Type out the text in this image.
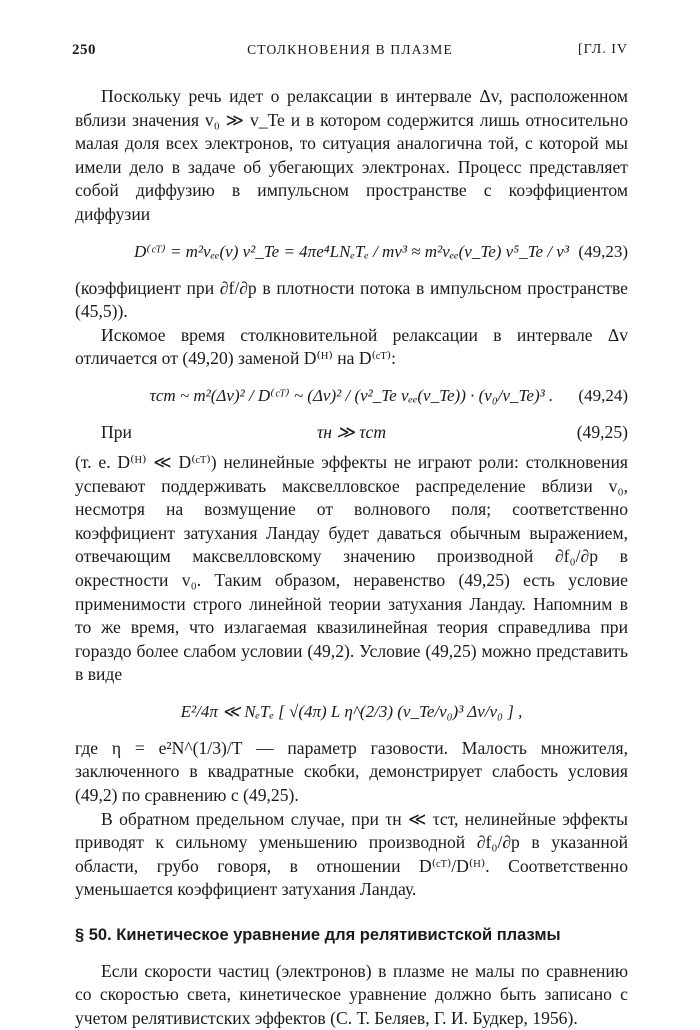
250	СТОЛКНОВЕНИЯ В ПЛАЗМЕ	[ГЛ. IV

Поскольку речь идет о релаксации в интервале Δv, расположенном вблизи значения v₀ ≫ v_Te и в котором содержится лишь относительно малая доля всех электронов, то ситуация аналогична той, с которой мы имели дело в задаче об убегающих электронах. Процесс представляет собой диффузию в импульсном пространстве с коэффициентом диффузии

D⁽ᶜᵀ⁾ = m²νₑₑ(v) v²_Te = 4πe⁴LNₑTₑ / mv³ ≈ m²νₑₑ(v_Te) v⁵_Te / v³ (49,23)

(коэффициент при ∂f/∂p в плотности потока в импульсном пространстве (45,5)).

Искомое время столкновительной релаксации в интервале Δv отличается от (49,20) заменой D⁽ᴴ⁾ на D⁽ᶜᵀ⁾:

τст ~ m²(Δv)² / D⁽ᶜᵀ⁾ ~ (Δv)² / (v²_Te νₑₑ(v_Te)) · (v₀/v_Te)³ .	(49,24)
При	τн ≫ τст	(49,25)

(т. е. D⁽ᴴ⁾ ≪ D⁽ᶜᵀ⁾) нелинейные эффекты не играют роли: столкновения успевают поддерживать максвелловское распределение вблизи v₀, несмотря на возмущение от волнового поля; соответственно коэффициент затухания Ландау будет даваться обычным выражением, отвечающим максвелловскому значению производной ∂f₀/∂p в окрестности v₀. Таким образом, неравенство (49,25) есть условие применимости строго линейной теории затухания Ландау. Напомним в то же время, что излагаемая квазилинейная теория справедлива при гораздо более слабом условии (49,2). Условие (49,25) можно представить в виде

E²/4π ≪ NₑTₑ [ √(4π) L η^(2/3) (v_Te/v₀)³ Δv/v₀ ] ,

где η = e²N^(1/3)/T — параметр газовости. Малость множителя, заключенного в квадратные скобки, демонстрирует слабость условия (49,2) по сравнению с (49,25).

В обратном предельном случае, при τн ≪ τст, нелинейные эффекты приводят к сильному уменьшению производной ∂f₀/∂p в указанной области, грубо говоря, в отношении D⁽ᶜᵀ⁾/D⁽ᴴ⁾. Соответственно уменьшается коэффициент затухания Ландау.

§ 50. Кинетическое уравнение для релятивистской плазмы

Если скорости частиц (электронов) в плазме не малы по сравнению со скоростью света, кинетическое уравнение должно быть записано с учетом релятивистских эффектов (С. Т. Беляев, Г. И. Будкер, 1956).
